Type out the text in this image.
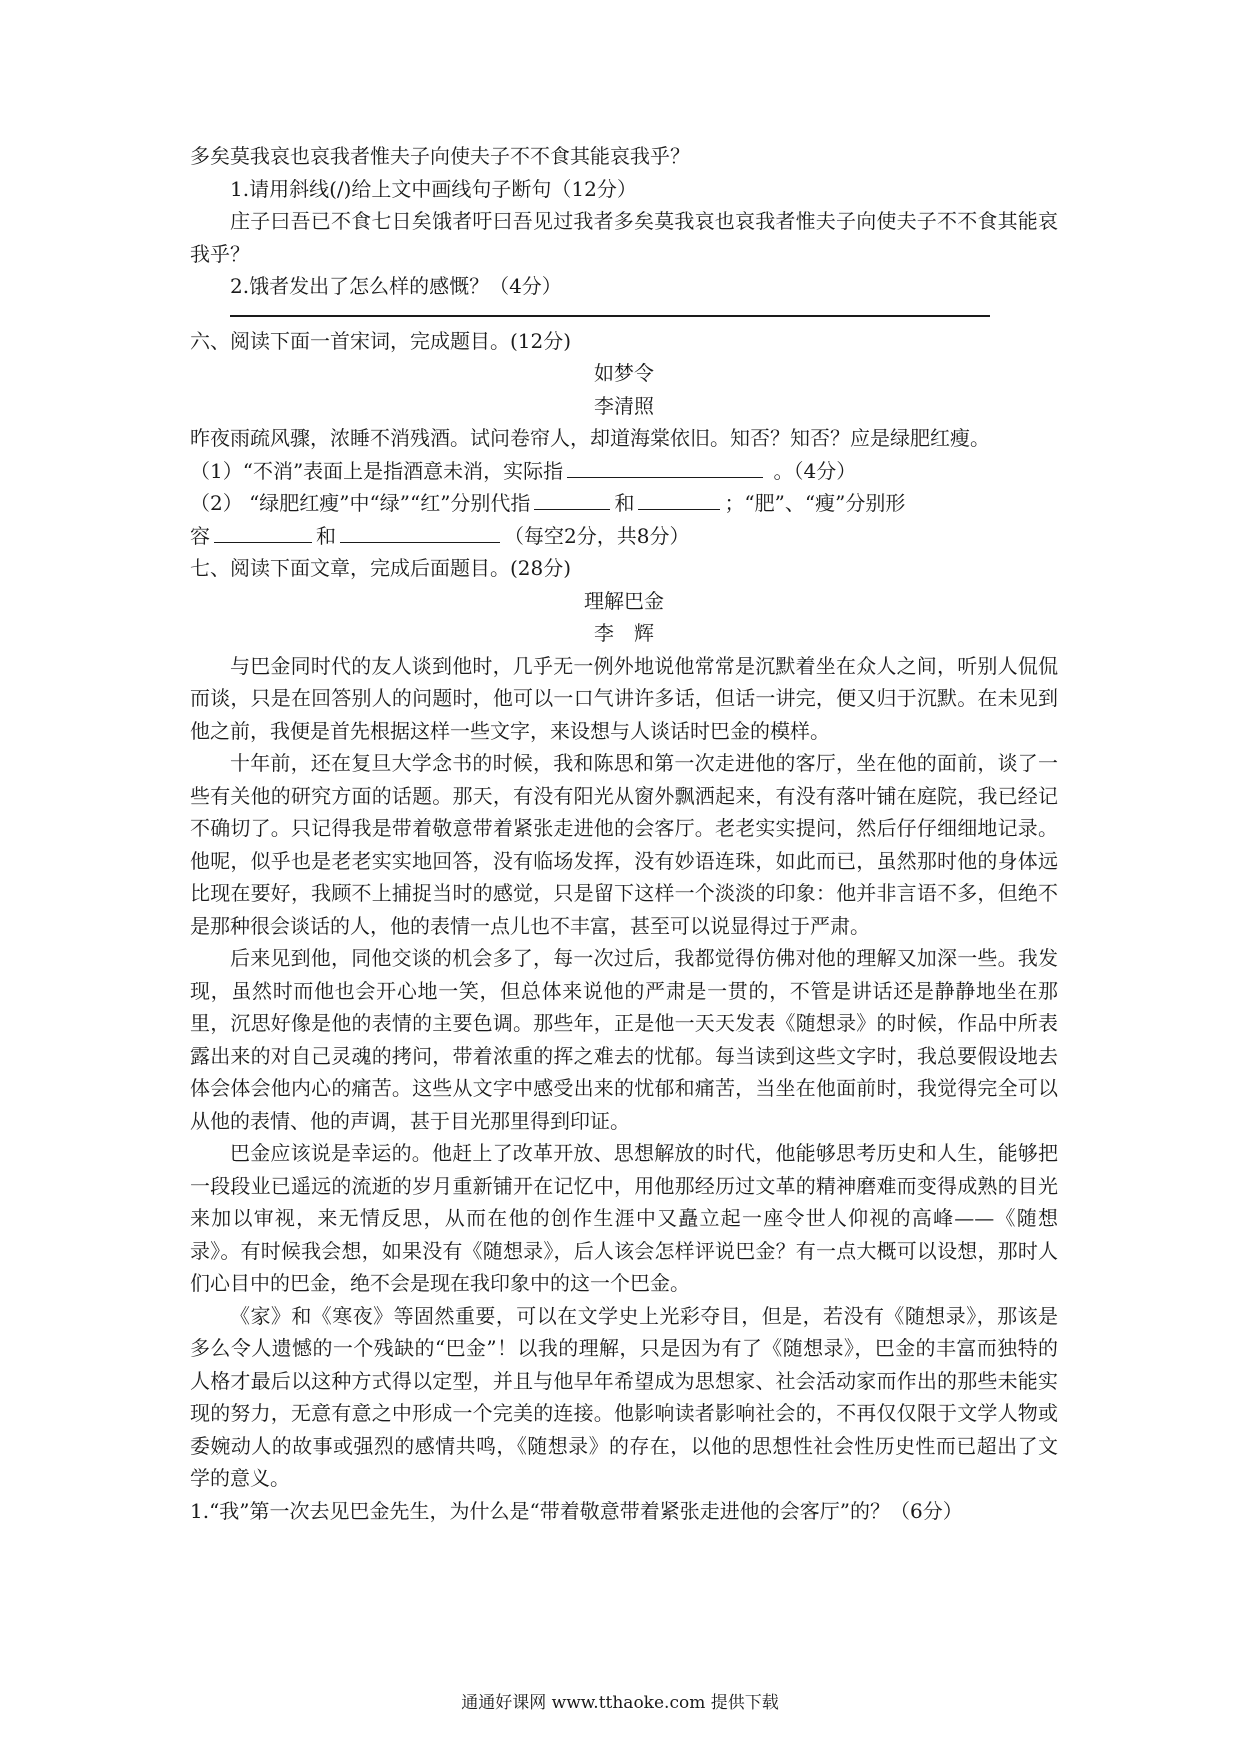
多矣莫我哀也哀我者惟夫子向使夫子不不食其能哀我乎？

1.请用斜线(/)给上文中画线句子断句（12分）

庄子曰吾已不食七日矣饿者吁曰吾见过我者多矣莫我哀也哀我者惟夫子向使夫子不不食其能哀我乎？

2.饿者发出了怎么样的感慨？（4分）

六、阅读下面一首宋词，完成题目。(12分)

如梦令

李清照

昨夜雨疏风骤，浓睡不消残酒。试问卷帘人，却道海棠依旧。知否？知否？应是绿肥红瘦。

（1）“不消”表面上是指酒意未消，实际指	。（4分）

（2） “绿肥红瘦”中“绿”“红”分别代指	和	；“肥”、“瘦”分别形
容	和	（每空2分，共8分）

七、阅读下面文章，完成后面题目。(28分)

理解巴金

李辉

与巴金同时代的友人谈到他时，几乎无一例外地说他常常是沉默着坐在众人之间，听别人侃侃而谈，只是在回答别人的问题时，他可以一口气讲许多话，但话一讲完，便又归于沉默。在未见到他之前，我便是首先根据这样一些文字，来设想与人谈话时巴金的模样。

十年前，还在复旦大学念书的时候，我和陈思和第一次走进他的客厅，坐在他的面前，谈了一些有关他的研究方面的话题。那天，有没有阳光从窗外飘洒起来，有没有落叶铺在庭院，我已经记不确切了。只记得我是带着敬意带着紧张走进他的会客厅。老老实实提问，然后仔仔细细地记录。他呢，似乎也是老老实实地回答，没有临场发挥，没有妙语连珠，如此而已，虽然那时他的身体远比现在要好，我顾不上捕捉当时的感觉，只是留下这样一个淡淡的印象：他并非言语不多，但绝不是那种很会谈话的人，他的表情一点儿也不丰富，甚至可以说显得过于严肃。

后来见到他，同他交谈的机会多了，每一次过后，我都觉得仿佛对他的理解又加深一些。我发现，虽然时而他也会开心地一笑，但总体来说他的严肃是一贯的，不管是讲话还是静静地坐在那里，沉思好像是他的表情的主要色调。那些年，正是他一天天发表《随想录》的时候，作品中所表露出来的对自己灵魂的拷问，带着浓重的挥之难去的忧郁。每当读到这些文字时，我总要假设地去体会体会他内心的痛苦。这些从文字中感受出来的忧郁和痛苦，当坐在他面前时，我觉得完全可以从他的表情、他的声调，甚于目光那里得到印证。

巴金应该说是幸运的。他赶上了改革开放、思想解放的时代，他能够思考历史和人生，能够把一段段业已遥远的流逝的岁月重新铺开在记忆中，用他那经历过文革的精神磨难而变得成熟的目光来加以审视，来无情反思，从而在他的创作生涯中又矗立起一座令世人仰视的高峰——《随想录》。有时候我会想，如果没有《随想录》，后人该会怎样评说巴金？有一点大概可以设想，那时人们心目中的巴金，绝不会是现在我印象中的这一个巴金。

《家》和《寒夜》等固然重要，可以在文学史上光彩夺目，但是，若没有《随想录》，那该是多么令人遗憾的一个残缺的“巴金”！以我的理解，只是因为有了《随想录》，巴金的丰富而独特的人格才最后以这种方式得以定型，并且与他早年希望成为思想家、社会活动家而作出的那些未能实现的努力，无意有意之中形成一个完美的连接。他影响读者影响社会的，不再仅仅限于文学人物或委婉动人的故事或强烈的感情共鸣，《随想录》的存在，以他的思想性社会性历史性而已超出了文学的意义。

1.“我”第一次去见巴金先生，为什么是“带着敬意带着紧张走进他的会客厅”的？（6分）

通通好课网 www.tthaoke.com 提供下载
